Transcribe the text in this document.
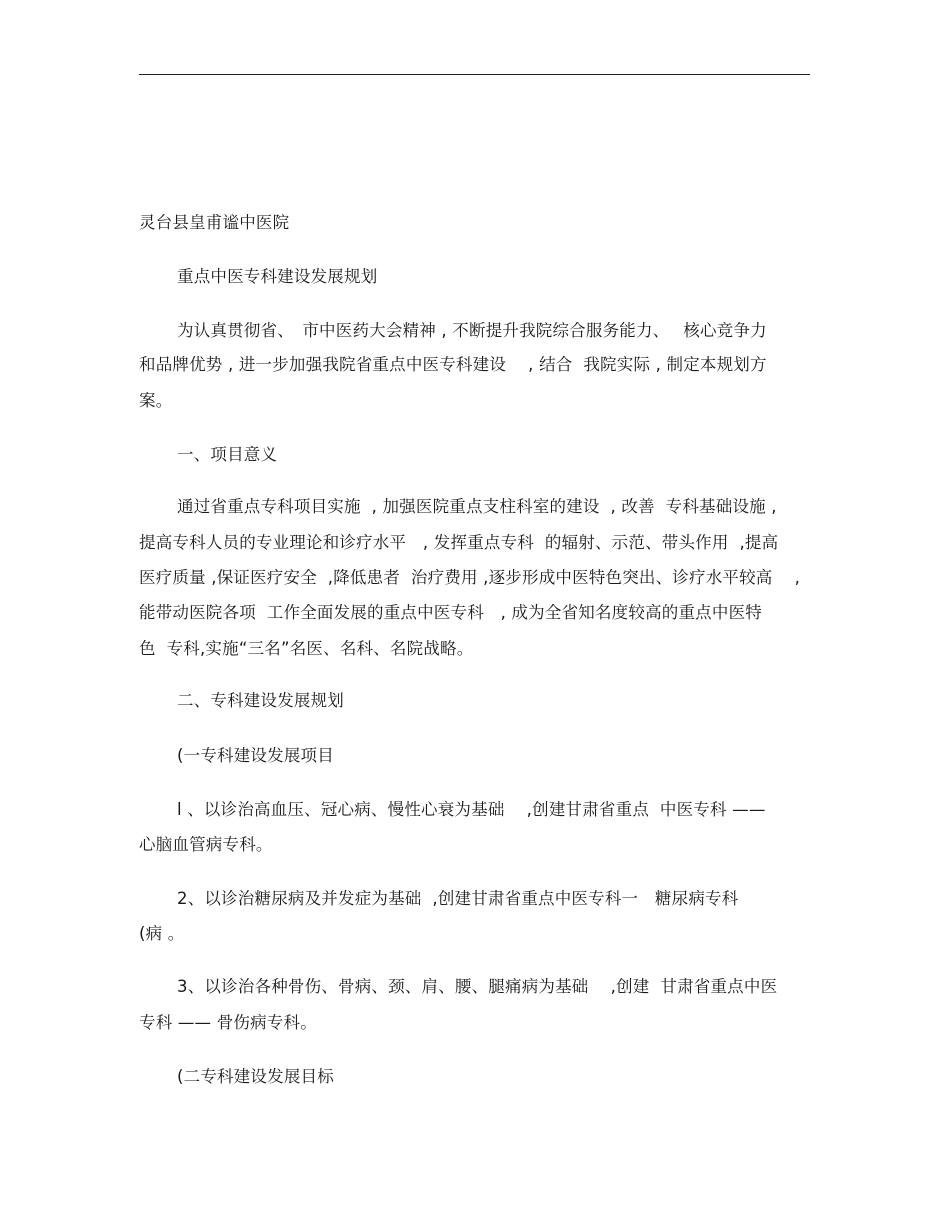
灵台县皇甫谧中医院
重点中医专科建设发展规划
为认真贯彻省、　市中医药大会精神 , 不断提升我院综合服务能力、　 核心竞争力
和品牌优势 , 进一步加强我院省重点中医专科建设　 , 结合  我院实际 , 制定本规划方
案。
一、项目意义
通过省重点专科项目实施  , 加强医院重点支柱科室的建设  , 改善  专科基础设施 ,
提高专科人员的专业理论和诊疗水平　, 发挥重点专科  的辐射、示范、带头作用  ,提高
医疗质量 ,保证医疗安全  ,降低患者  治疗费用 ,逐步形成中医特色突出、诊疗水平较高　 ,
能带动医院各项  工作全面发展的重点中医专科　, 成为全省知名度较高的重点中医特
色  专科,实施“三名”名医、名科、名院战略。
二、专科建设发展规划
(一专科建设发展项目
l 、以诊治高血压、冠心病、慢性心衰为基础　 ,创建甘肃省重点  中医专科 ——
心脑血管病专科。
2、以诊治糖尿病及并发症为基础  ,创建甘肃省重点中医专科一　糖尿病专科
(病 。
3、以诊治各种骨伤、骨病、颈、肩、腰、腿痛病为基础　 ,创建  甘肃省重点中医
专科 —— 骨伤病专科。
(二专科建设发展目标
